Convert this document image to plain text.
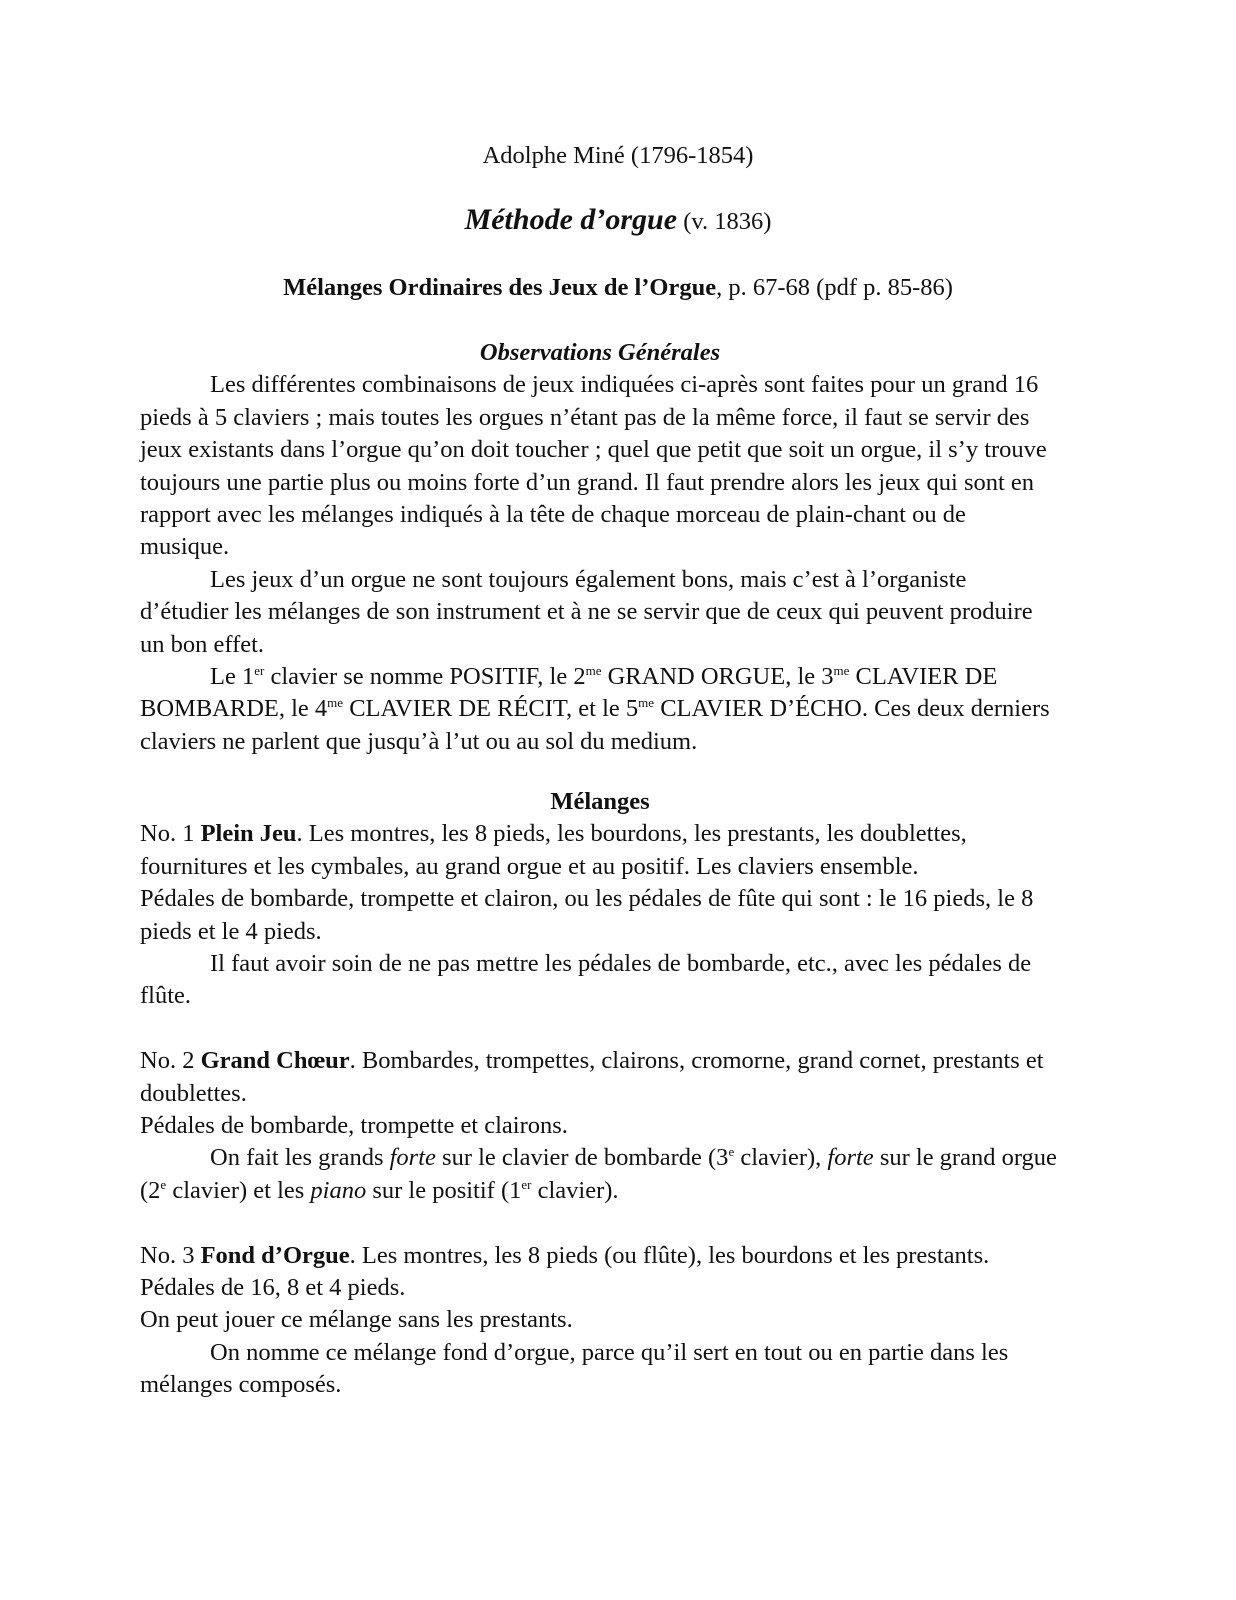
Adolphe Miné (1796-1854)
Méthode d’orgue (v. 1836)
Mélanges Ordinaires des Jeux de l’Orgue, p. 67-68 (pdf p. 85-86)
Observations Générales

Les différentes combinaisons de jeux indiquées ci-après sont faites pour un grand 16 pieds à 5 claviers ; mais toutes les orgues n’étant pas de la même force, il faut se servir des jeux existants dans l’orgue qu’on doit toucher ; quel que petit que soit un orgue, il s’y trouve toujours une partie plus ou moins forte d’un grand. Il faut prendre alors les jeux qui sont en rapport avec les mélanges indiqués à la tête de chaque morceau de plain-chant ou de musique.

Les jeux d’un orgue ne sont toujours également bons, mais c’est à l’organiste d’étudier les mélanges de son instrument et à ne se servir que de ceux qui peuvent produire un bon effet.

Le 1er clavier se nomme POSITIF, le $2^{me}$ GRAND ORGUE, le $3^{me}$ CLAVIER DE BOMBARDE, le $4^{me}$ CLAVIER DE RÉCIT, et le $5^{me}$ CLAVIER D’ÉCHO. Ces deux derniers claviers ne parlent que jusqu’à l’ut ou au sol du medium.

Mélanges

No. 1 Plein Jeu. Les montres, les 8 pieds, les bourdons, les prestants, les doublettes, fournitures et les cymbales, au grand orgue et au positif. Les claviers ensemble.

Pédales de bombarde, trompette et clairon, ou les pédales de fûte qui sont : le 16 pieds, le 8 pieds et le 4 pieds.

Il faut avoir soin de ne pas mettre les pédales de bombarde, etc., avec les pédales de flûte.

No. 2 Grand Chœur. Bombardes, trompettes, clairons, cromorne, grand cornet, prestants et doublettes.

Pédales de bombarde, trompette et clairons.

On fait les grands forte sur le clavier de bombarde (3e clavier), forte sur le grand orgue (2e clavier) et les piano sur le positif (1er clavier).

No. 3 Fond d’Orgue. Les montres, les 8 pieds (ou flûte), les bourdons et les prestants.

Pédales de 16, 8 et 4 pieds.

On peut jouer ce mélange sans les prestants.

On nomme ce mélange fond d’orgue, parce qu’il sert en tout ou en partie dans les mélanges composés.
